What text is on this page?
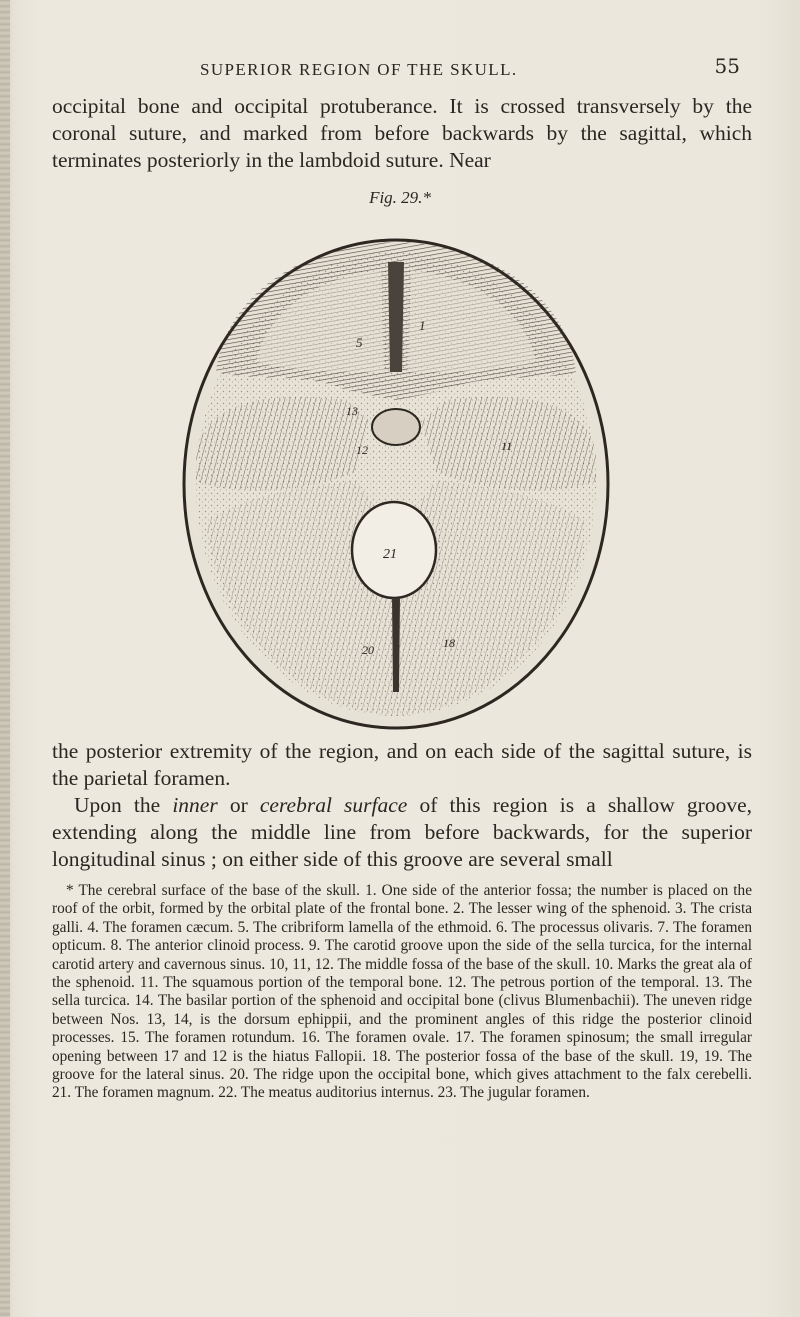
SUPERIOR REGION OF THE SKULL.	55

occipital bone and occipital protuberance. It is crossed transversely by the coronal suture, and marked from before backwards by the sagittal, which terminates posteriorly in the lambdoid suture. Near

Fig. 29.*
1
5
13
12	11
21
18
20

the posterior extremity of the region, and on each side of the sagittal suture, is the parietal foramen.

Upon the inner or cerebral surface of this region is a shallow groove, extending along the middle line from before backwards, for the superior longitudinal sinus ; on either side of this groove are several small

* The cerebral surface of the base of the skull. 1. One side of the anterior fossa; the number is placed on the roof of the orbit, formed by the orbital plate of the frontal bone. 2. The lesser wing of the sphenoid. 3. The crista galli. 4. The foramen cæcum. 5. The cribriform lamella of the ethmoid. 6. The processus olivaris. 7. The foramen opticum. 8. The anterior clinoid process. 9. The carotid groove upon the side of the sella turcica, for the internal carotid artery and cavernous sinus. 10, 11, 12. The middle fossa of the base of the skull. 10. Marks the great ala of the sphenoid. 11. The squamous portion of the temporal bone. 12. The petrous portion of the temporal. 13. The sella turcica. 14. The basilar portion of the sphenoid and occipital bone (clivus Blumenbachii). The uneven ridge between Nos. 13, 14, is the dorsum ephippii, and the prominent angles of this ridge the posterior clinoid processes. 15. The foramen rotundum. 16. The foramen ovale. 17. The foramen spinosum; the small irregular opening between 17 and 12 is the hiatus Fallopii. 18. The posterior fossa of the base of the skull. 19, 19. The groove for the lateral sinus. 20. The ridge upon the occipital bone, which gives attachment to the falx cerebelli. 21. The foramen magnum. 22. The meatus auditorius internus. 23. The jugular foramen.
